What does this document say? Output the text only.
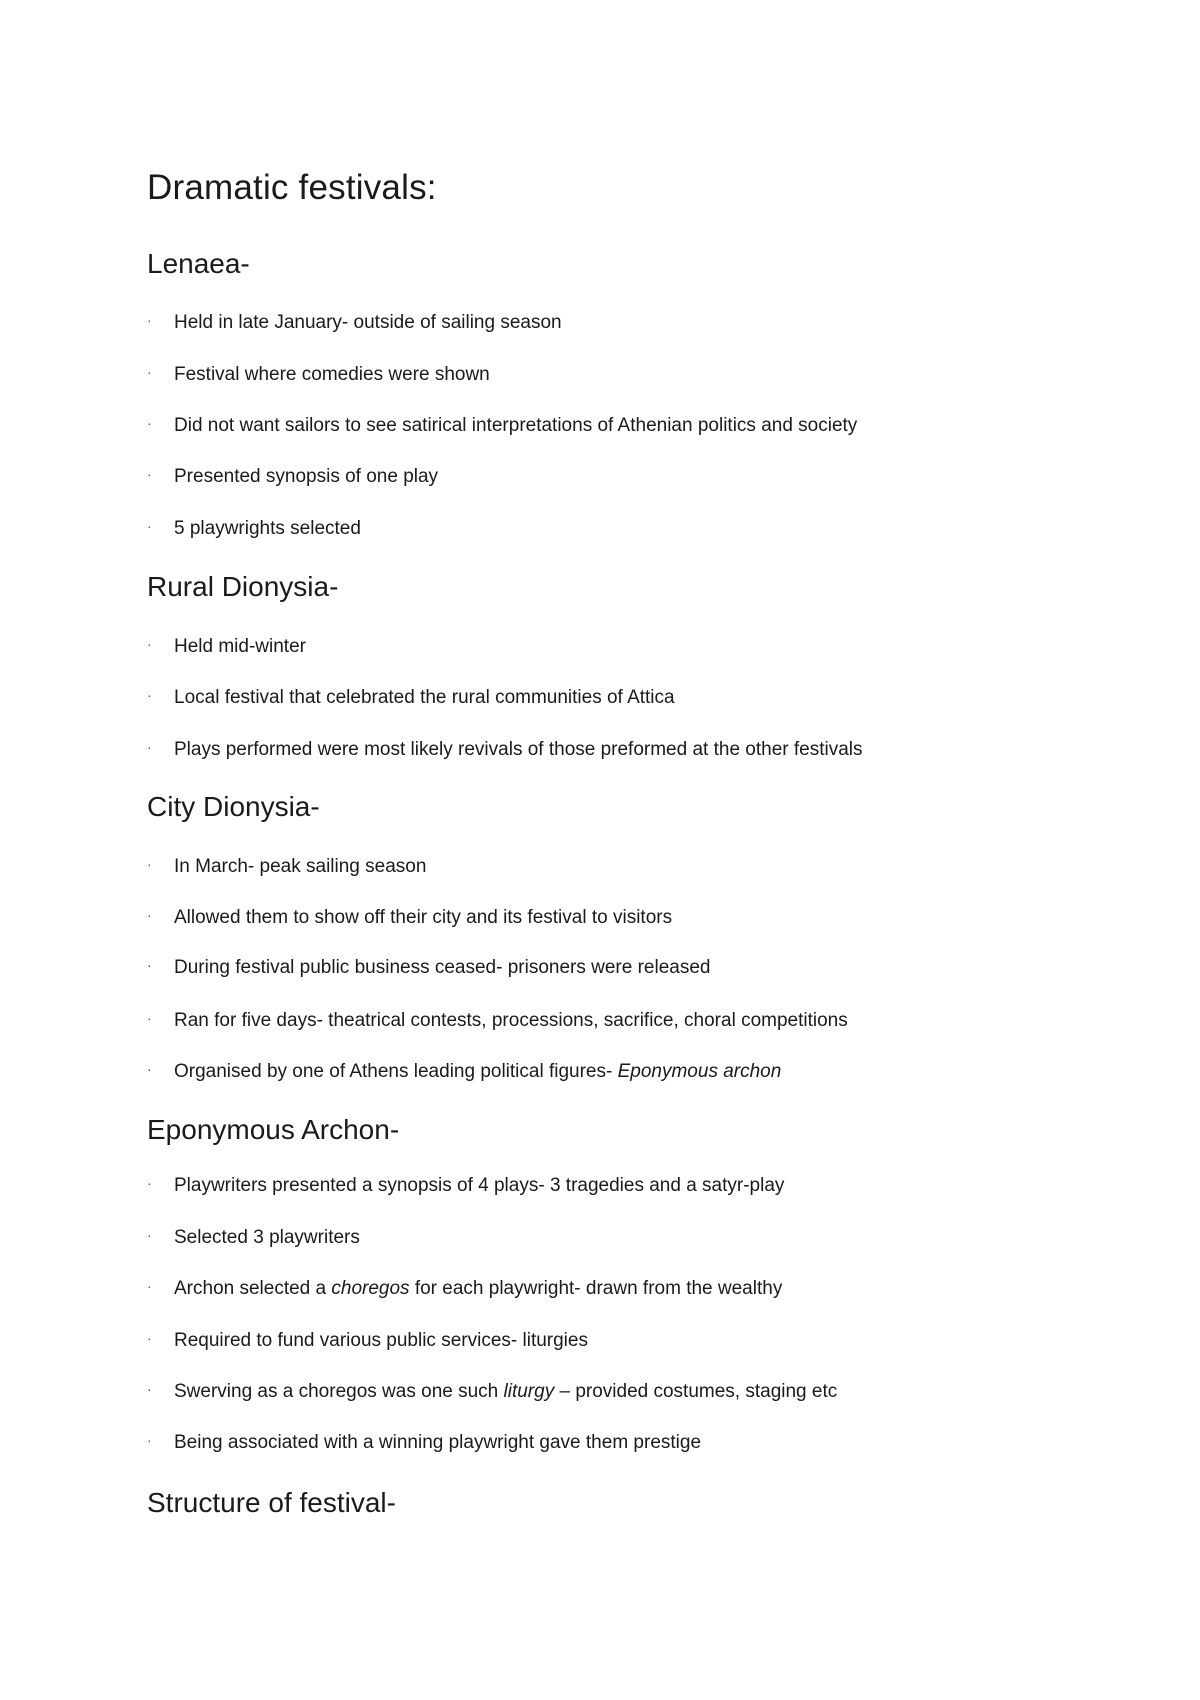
Dramatic festivals:
Lenaea-
· Held in late January- outside of sailing season
· Festival where comedies were shown
· Did not want sailors to see satirical interpretations of Athenian politics and society
· Presented synopsis of one play
· 5 playwrights selected
Rural Dionysia-
· Held mid-winter
· Local festival that celebrated the rural communities of Attica
· Plays performed were most likely revivals of those preformed at the other festivals
City Dionysia-
· In March- peak sailing season
· Allowed them to show off their city and its festival to visitors
· During festival public business ceased- prisoners were released
· Ran for five days- theatrical contests, processions, sacrifice, choral competitions
· Organised by one of Athens leading political figures- Eponymous archon
Eponymous Archon-
· Playwriters presented a synopsis of 4 plays- 3 tragedies and a satyr-play
· Selected 3 playwriters
· Archon selected a choregos for each playwright- drawn from the wealthy
· Required to fund various public services- liturgies
· Swerving as a choregos was one such liturgy – provided costumes, staging etc
· Being associated with a winning playwright gave them prestige
Structure of festival-
